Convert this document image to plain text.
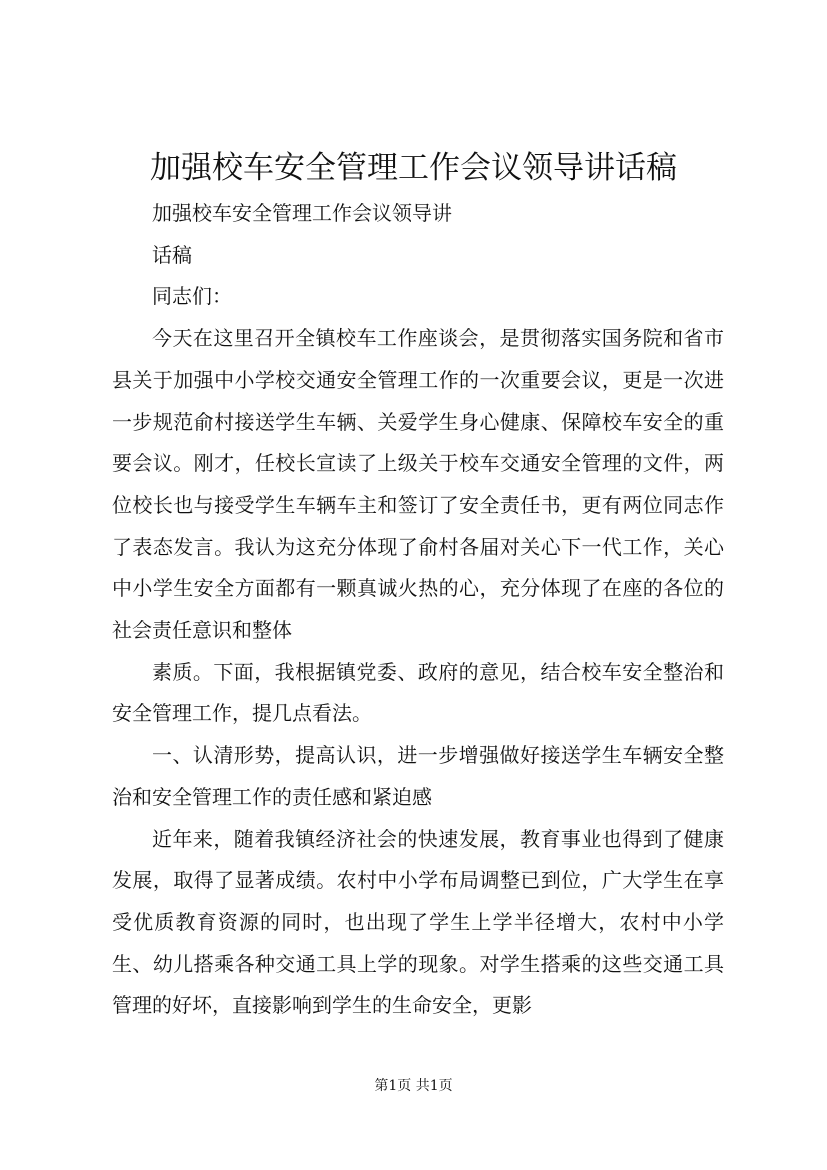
加强校车安全管理工作会议领导讲话稿

加强校车安全管理工作会议领导讲

话稿

同志们：

今天在这里召开全镇校车工作座谈会，是贯彻落实国务院和省市县关于加强中小学校交通安全管理工作的一次重要会议，更是一次进一步规范俞村接送学生车辆、关爱学生身心健康、保障校车安全的重要会议。刚才，任校长宣读了上级关于校车交通安全管理的文件，两位校长也与接受学生车辆车主和签订了安全责任书，更有两位同志作了表态发言。我认为这充分体现了俞村各届对关心下一代工作，关心中小学生安全方面都有一颗真诚火热的心，充分体现了在座的各位的社会责任意识和整体

素质。下面，我根据镇党委、政府的意见，结合校车安全整治和安全管理工作，提几点看法。

一、认清形势，提高认识，进一步增强做好接送学生车辆安全整治和安全管理工作的责任感和紧迫感

近年来，随着我镇经济社会的快速发展，教育事业也得到了健康发展，取得了显著成绩。农村中小学布局调整已到位，广大学生在享受优质教育资源的同时，也出现了学生上学半径增大，农村中小学生、幼儿搭乘各种交通工具上学的现象。对学生搭乘的这些交通工具管理的好坏，直接影响到学生的生命安全，更影

第1页 共1页
